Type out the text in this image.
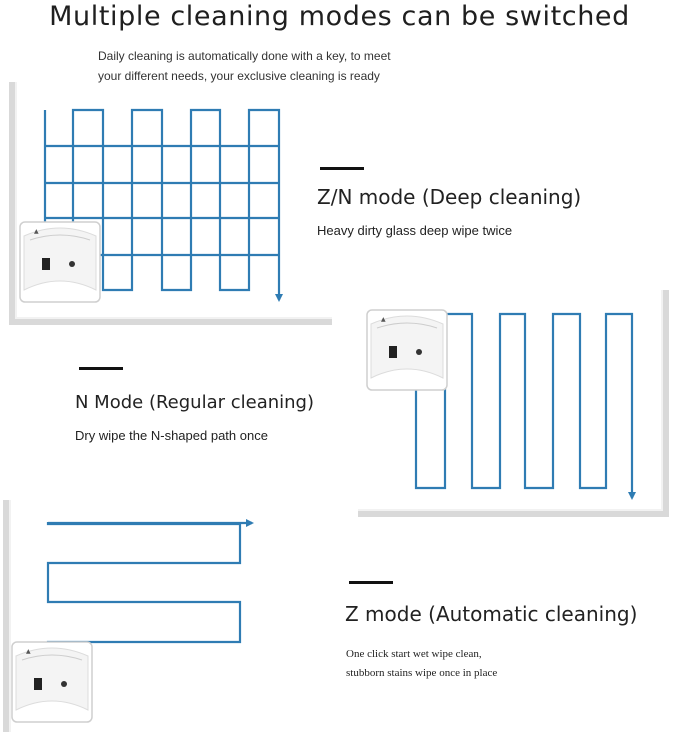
▲
▲
▲
Multiple cleaning modes can be switched
Daily cleaning is automatically done with a key, to meet
your different needs, your exclusive cleaning is ready
Z/N mode (Deep cleaning)
Heavy dirty glass deep wipe twice
N Mode (Regular cleaning)
Dry wipe the N-shaped path once
Z mode (Automatic cleaning)
One click start wet wipe clean,
stubborn stains wipe once in place
